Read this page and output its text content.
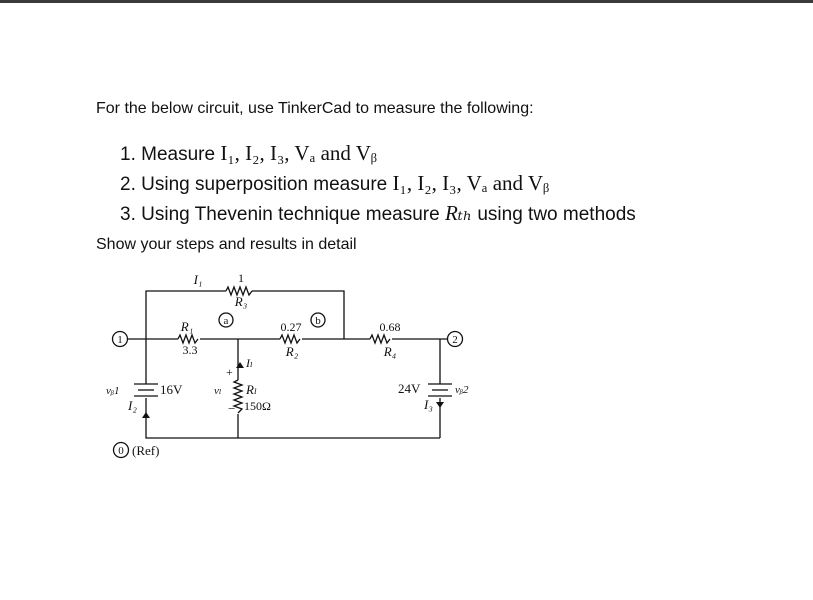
For the below circuit, use TinkerCad to measure the following:
1. Measure I₁, I₂, I₃, Vₐ and Vᵦ
2. Using superposition measure I₁, I₂, I₃, Vₐ and Vᵦ
3. Using Thevenin technique measure Rₜₕ using two methods
Show your steps and results in detail
1	2
a	b
0 (Ref)
R₁
3.3
1
R₃
0.27
R₂
0.68
R₄
Rₗ
150Ω
I₁
I₂	I₃
Iₗ
vᵦ1	16V	24V	vᵦ2
+
vₗ
−
